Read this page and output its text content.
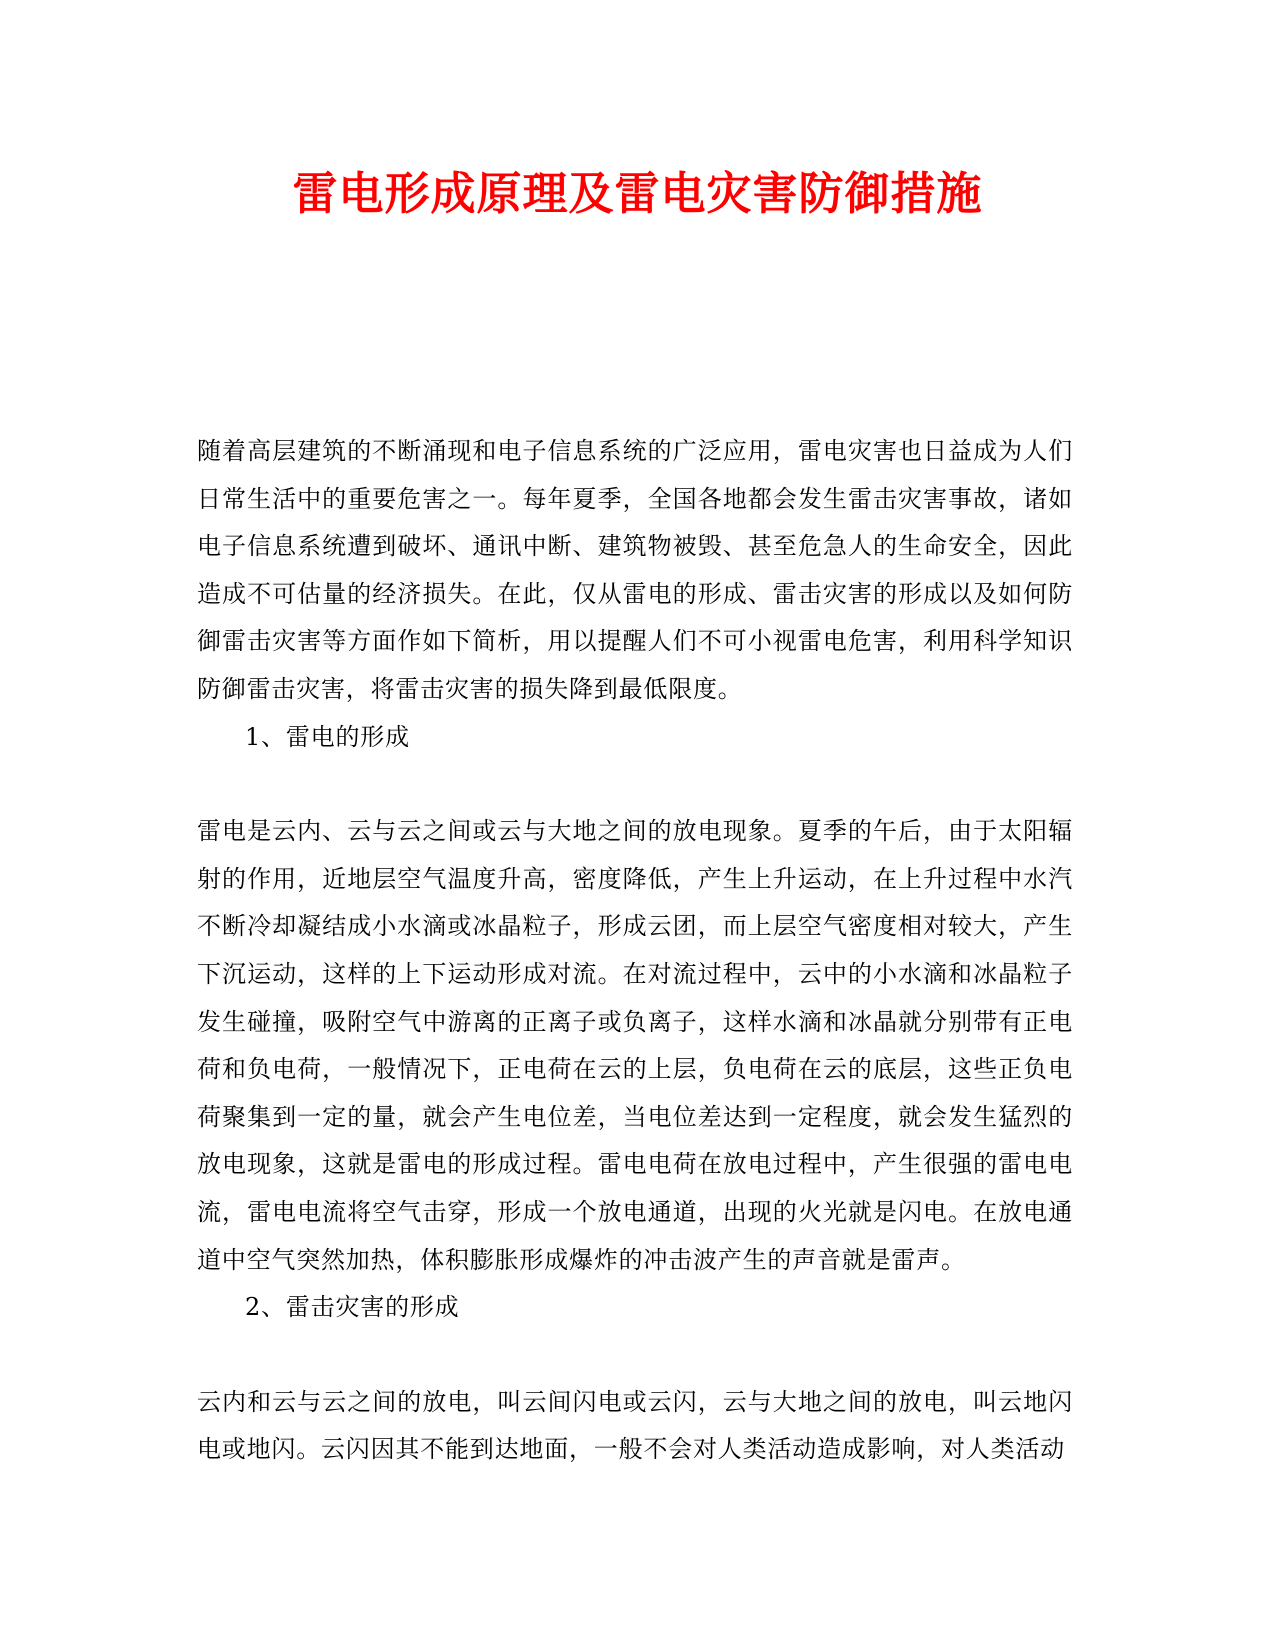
雷电形成原理及雷电灾害防御措施

随着高层建筑的不断涌现和电子信息系统的广泛应用，雷电灾害也日益成为人们日常生活中的重要危害之一。每年夏季，全国各地都会发生雷击灾害事故，诸如电子信息系统遭到破坏、通讯中断、建筑物被毁、甚至危急人的生命安全，因此造成不可估量的经济损失。在此，仅从雷电的形成、雷击灾害的形成以及如何防御雷击灾害等方面作如下简析，用以提醒人们不可小视雷电危害，利用科学知识防御雷击灾害，将雷击灾害的损失降到最低限度。

1、雷电的形成

雷电是云内、云与云之间或云与大地之间的放电现象。夏季的午后，由于太阳辐射的作用，近地层空气温度升高，密度降低，产生上升运动，在上升过程中水汽不断冷却凝结成小水滴或冰晶粒子，形成云团，而上层空气密度相对较大，产生下沉运动，这样的上下运动形成对流。在对流过程中，云中的小水滴和冰晶粒子发生碰撞，吸附空气中游离的正离子或负离子，这样水滴和冰晶就分别带有正电荷和负电荷，一般情况下，正电荷在云的上层，负电荷在云的底层，这些正负电荷聚集到一定的量，就会产生电位差，当电位差达到一定程度，就会发生猛烈的放电现象，这就是雷电的形成过程。雷电电荷在放电过程中，产生很强的雷电电流，雷电电流将空气击穿，形成一个放电通道，出现的火光就是闪电。在放电通道中空气突然加热，体积膨胀形成爆炸的冲击波产生的声音就是雷声。

2、雷击灾害的形成

云内和云与云之间的放电，叫云间闪电或云闪，云与大地之间的放电，叫云地闪电或地闪。云闪因其不能到达地面，一般不会对人类活动造成影响，对人类活动
